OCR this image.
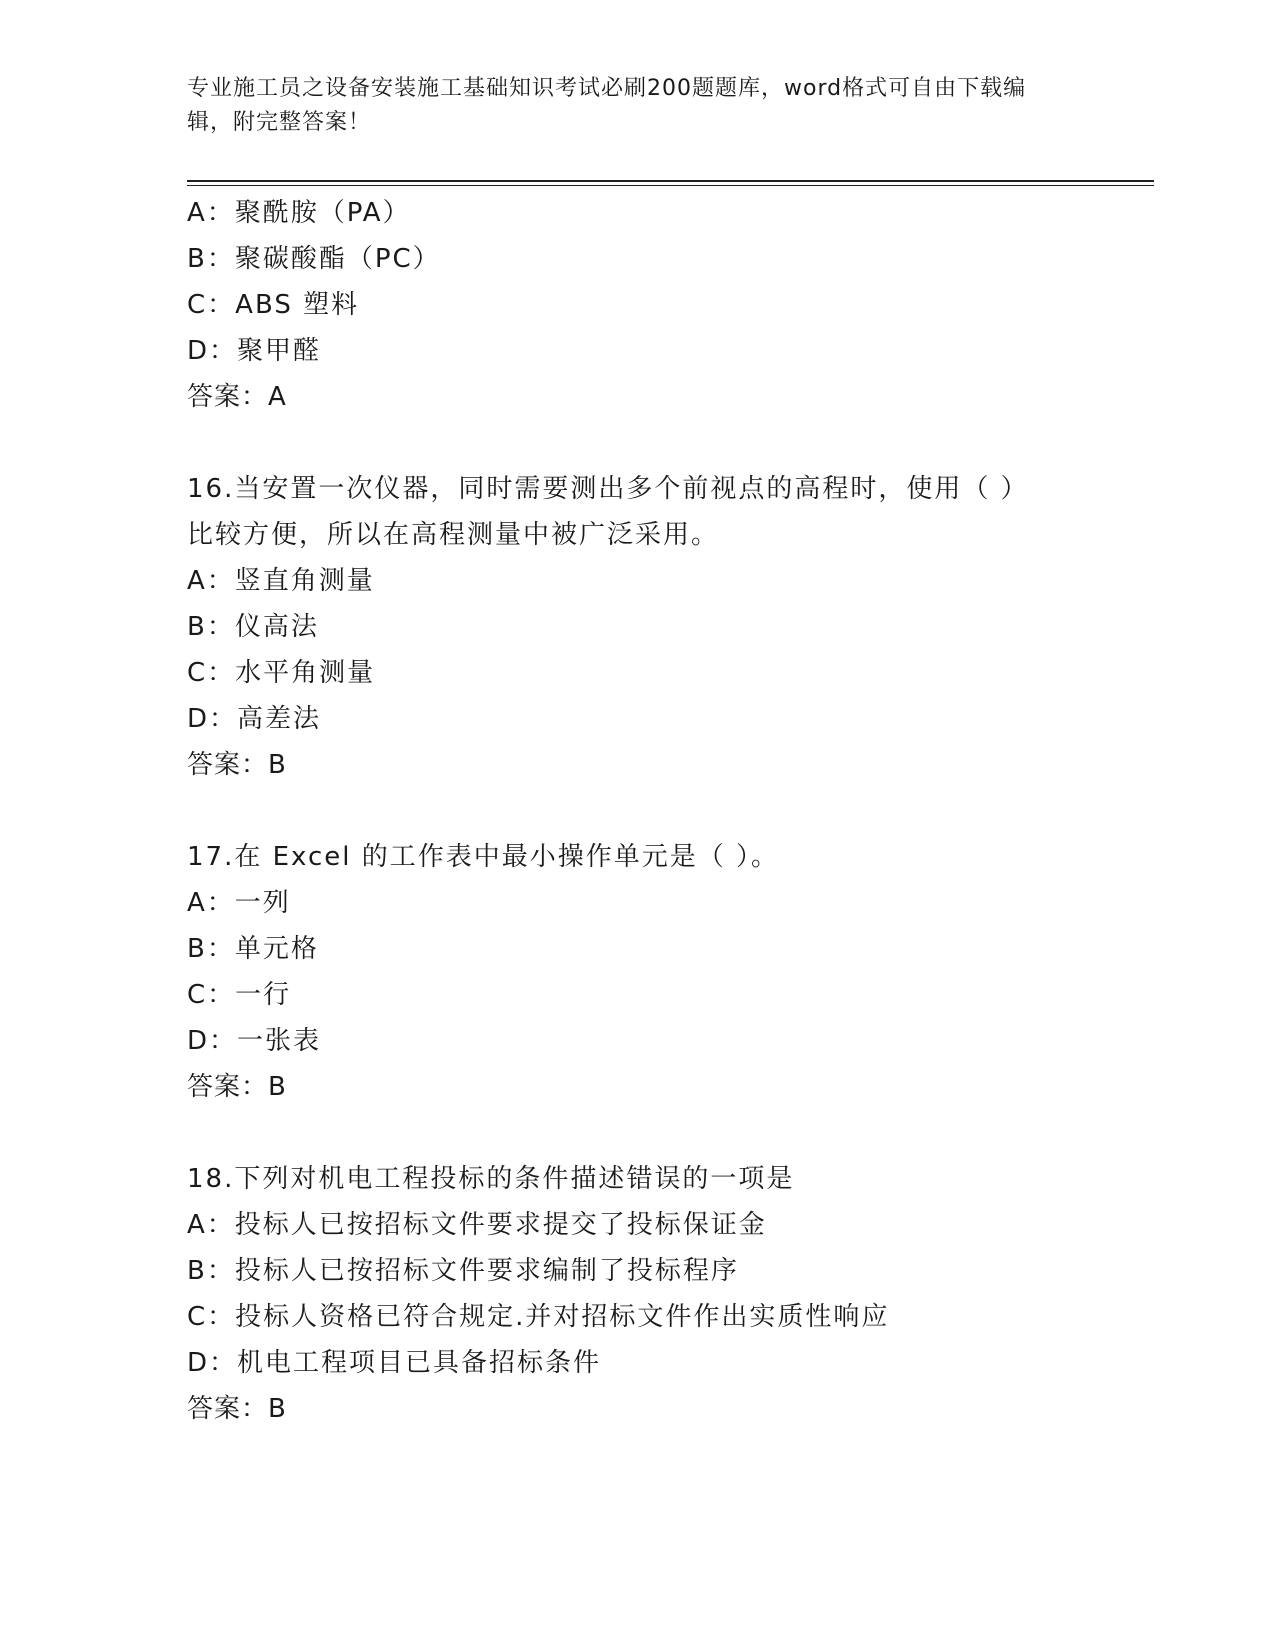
专业施工员之设备安装施工基础知识考试必刷200题题库，word格式可自由下载编辑，附完整答案！
A：聚酰胺（PA）
B：聚碳酸酯（PC）
C：ABS 塑料
D：聚甲醛
答案：A
16.当安置一次仪器，同时需要测出多个前视点的高程时，使用（ ）比较方便，所以在高程测量中被广泛采用。
A：竖直角测量
B：仪高法
C：水平角测量
D：高差法
答案：B
17.在 Excel 的工作表中最小操作单元是（ ）。
A：一列
B：单元格
C：一行
D：一张表
答案：B
18.下列对机电工程投标的条件描述错误的一项是
A：投标人已按招标文件要求提交了投标保证金
B：投标人已按招标文件要求编制了投标程序
C：投标人资格已符合规定.并对招标文件作出实质性响应
D：机电工程项目已具备招标条件
答案：B
